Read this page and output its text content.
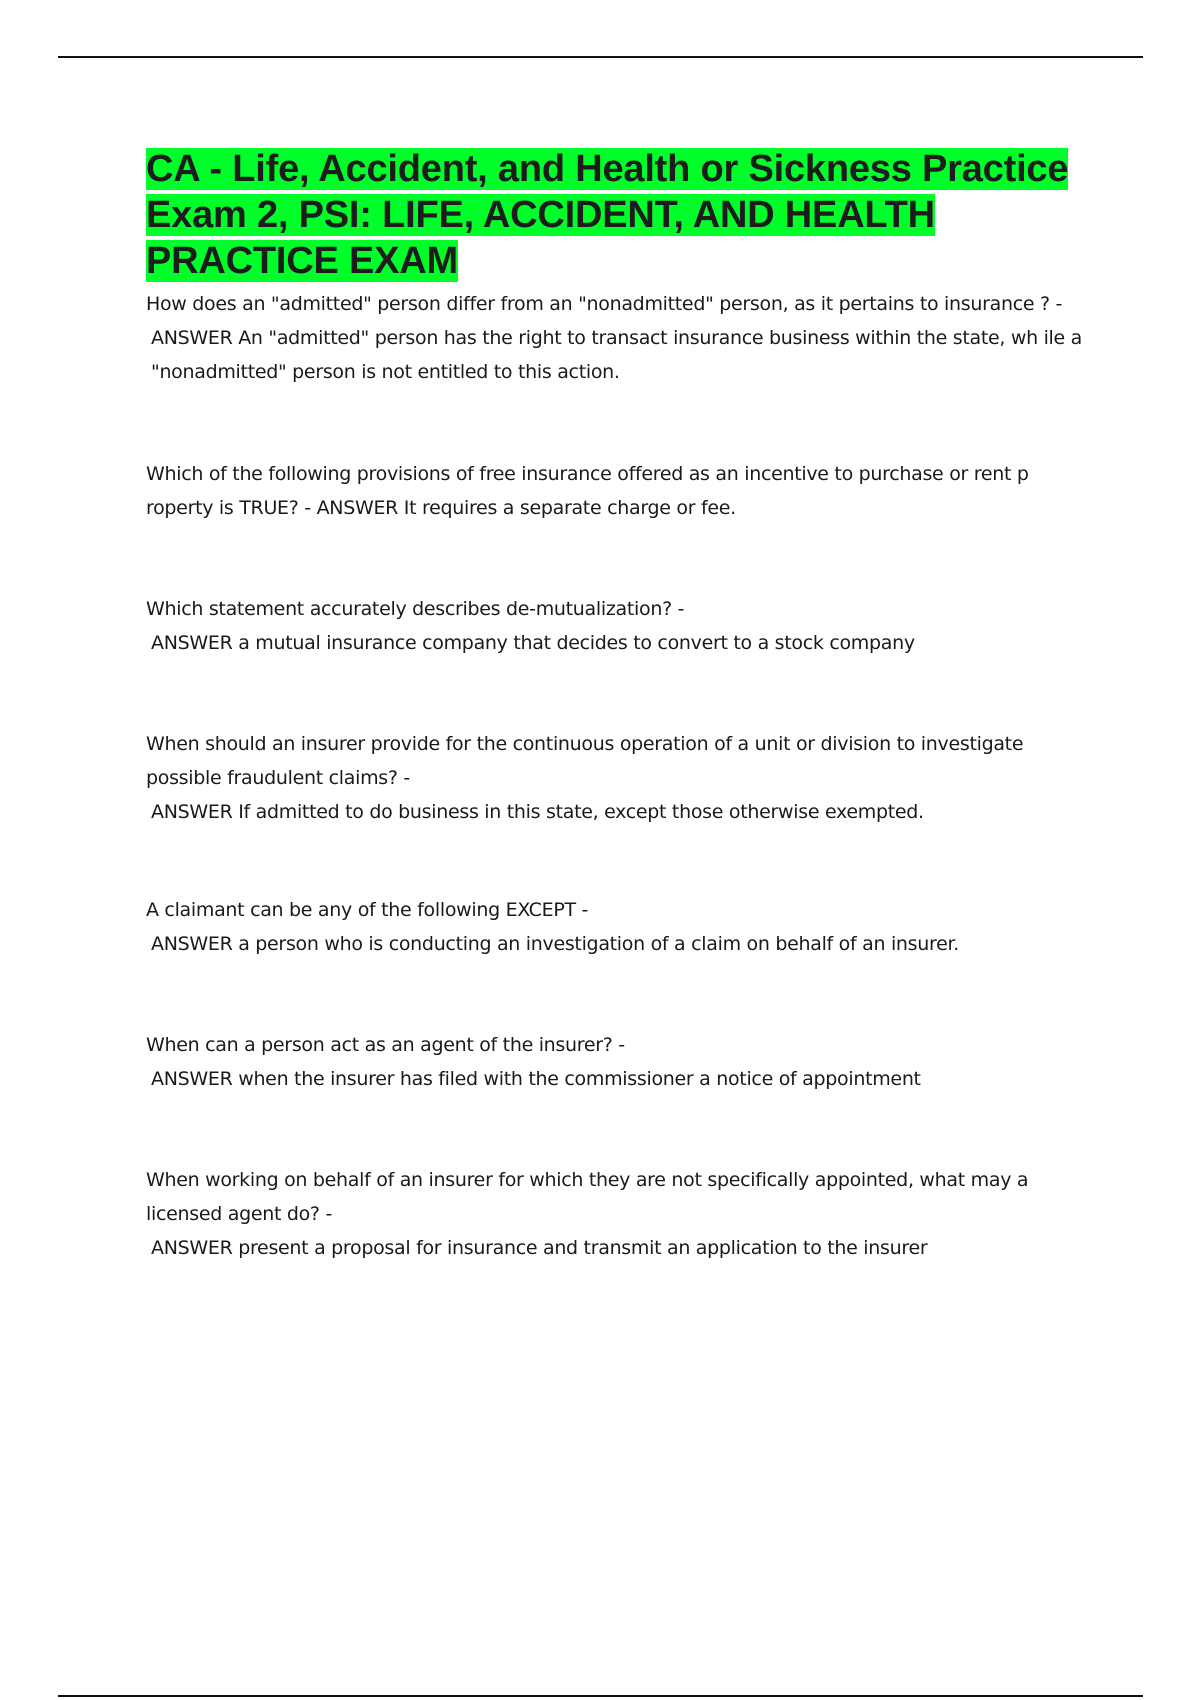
CA - Life, Accident, and Health or Sickness Practice Exam 2, PSI: LIFE, ACCIDENT, AND HEALTH PRACTICE EXAM

How does an "admitted" person differ from an "nonadmitted" person, as it pertains to insurance ? -
ANSWER An "admitted" person has the right to transact insurance business within the state, wh ile a "nonadmitted" person is not entitled to this action.

Which of the following provisions of free insurance offered as an incentive to purchase or rent p roperty is TRUE? - ANSWER It requires a separate charge or fee.

Which statement accurately describes de-mutualization? -
ANSWER a mutual insurance company that decides to convert to a stock company

When should an insurer provide for the continuous operation of a unit or division to investigate possible fraudulent claims? -
ANSWER If admitted to do business in this state, except those otherwise exempted.

A claimant can be any of the following EXCEPT -
ANSWER a person who is conducting an investigation of a claim on behalf of an insurer.

When can a person act as an agent of the insurer? -
ANSWER when the insurer has filed with the commissioner a notice of appointment

When working on behalf of an insurer for which they are not specifically appointed, what may a licensed agent do? -
ANSWER present a proposal for insurance and transmit an application to the insurer
